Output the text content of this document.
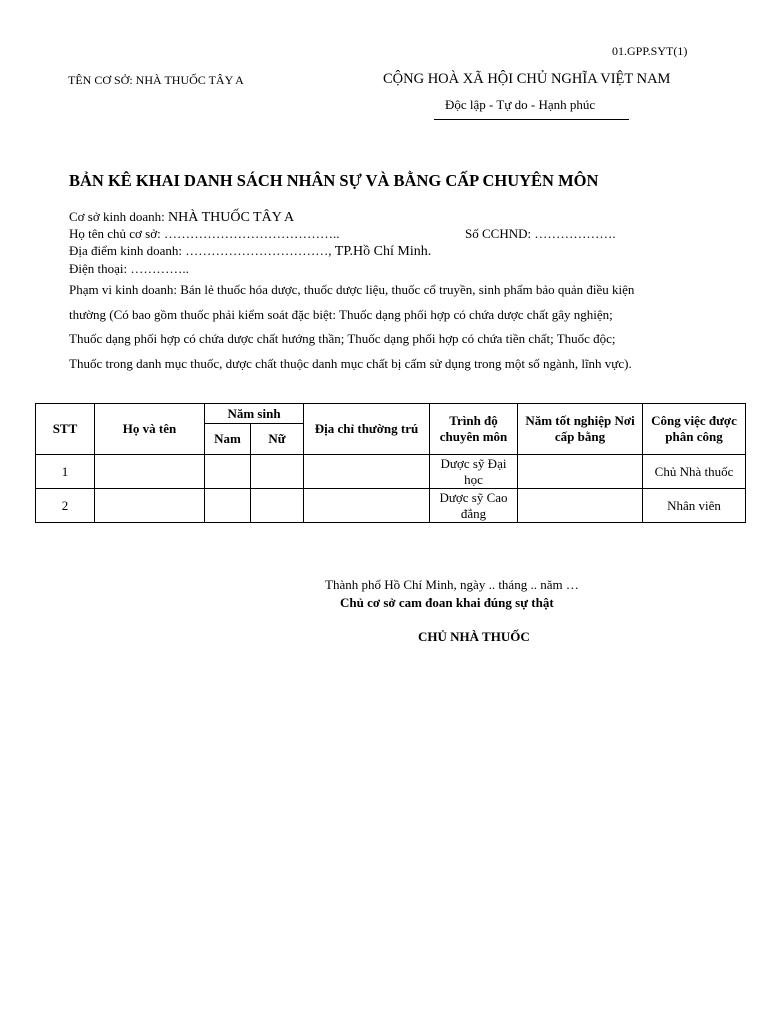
01.GPP.SYT(1)
TÊN CƠ SỞ: NHÀ THUỐC TÂY A	CỘNG HOÀ XÃ HỘI CHỦ NGHĨA VIỆT NAM
Độc lập - Tự do - Hạnh phúc
BẢN KÊ KHAI DANH SÁCH NHÂN SỰ VÀ BẰNG CẤP CHUYÊN MÔN
Cơ sở kinh doanh: NHÀ THUỐC TÂY A
Họ tên chủ cơ sở: …………………………………..	Số CCHND: ……………….
Địa điểm kinh doanh: ……………………………, TP.Hồ Chí Minh.
Điện thoại: …………..
Phạm vi kinh doanh: Bán lẻ thuốc hóa dược, thuốc dược liệu, thuốc cổ truyền, sinh phẩm bảo quản điều kiện
thường (Có bao gồm thuốc phải kiểm soát đặc biệt: Thuốc dạng phối hợp có chứa dược chất gây nghiện;
Thuốc dạng phối hợp có chứa dược chất hướng thần; Thuốc dạng phối hợp có chứa tiền chất; Thuốc độc;
Thuốc trong danh mục thuốc, dược chất thuộc danh mục chất bị cấm sử dụng trong một số ngành, lĩnh vực).
STT	Họ và tên	Năm sinh		Địa chỉ thường trú	Trình độ chuyên môn	Năm tốt nghiệp Nơi cấp bằng	Công việc được phân công
		Nam	Nữ				
1					Dược sỹ Đại học		Chủ Nhà thuốc
2					Dược sỹ Cao đẳng		Nhân viên
Thành phố Hồ Chí Minh, ngày .. tháng .. năm …
Chủ cơ sở cam đoan khai đúng sự thật
CHỦ NHÀ THUỐC
